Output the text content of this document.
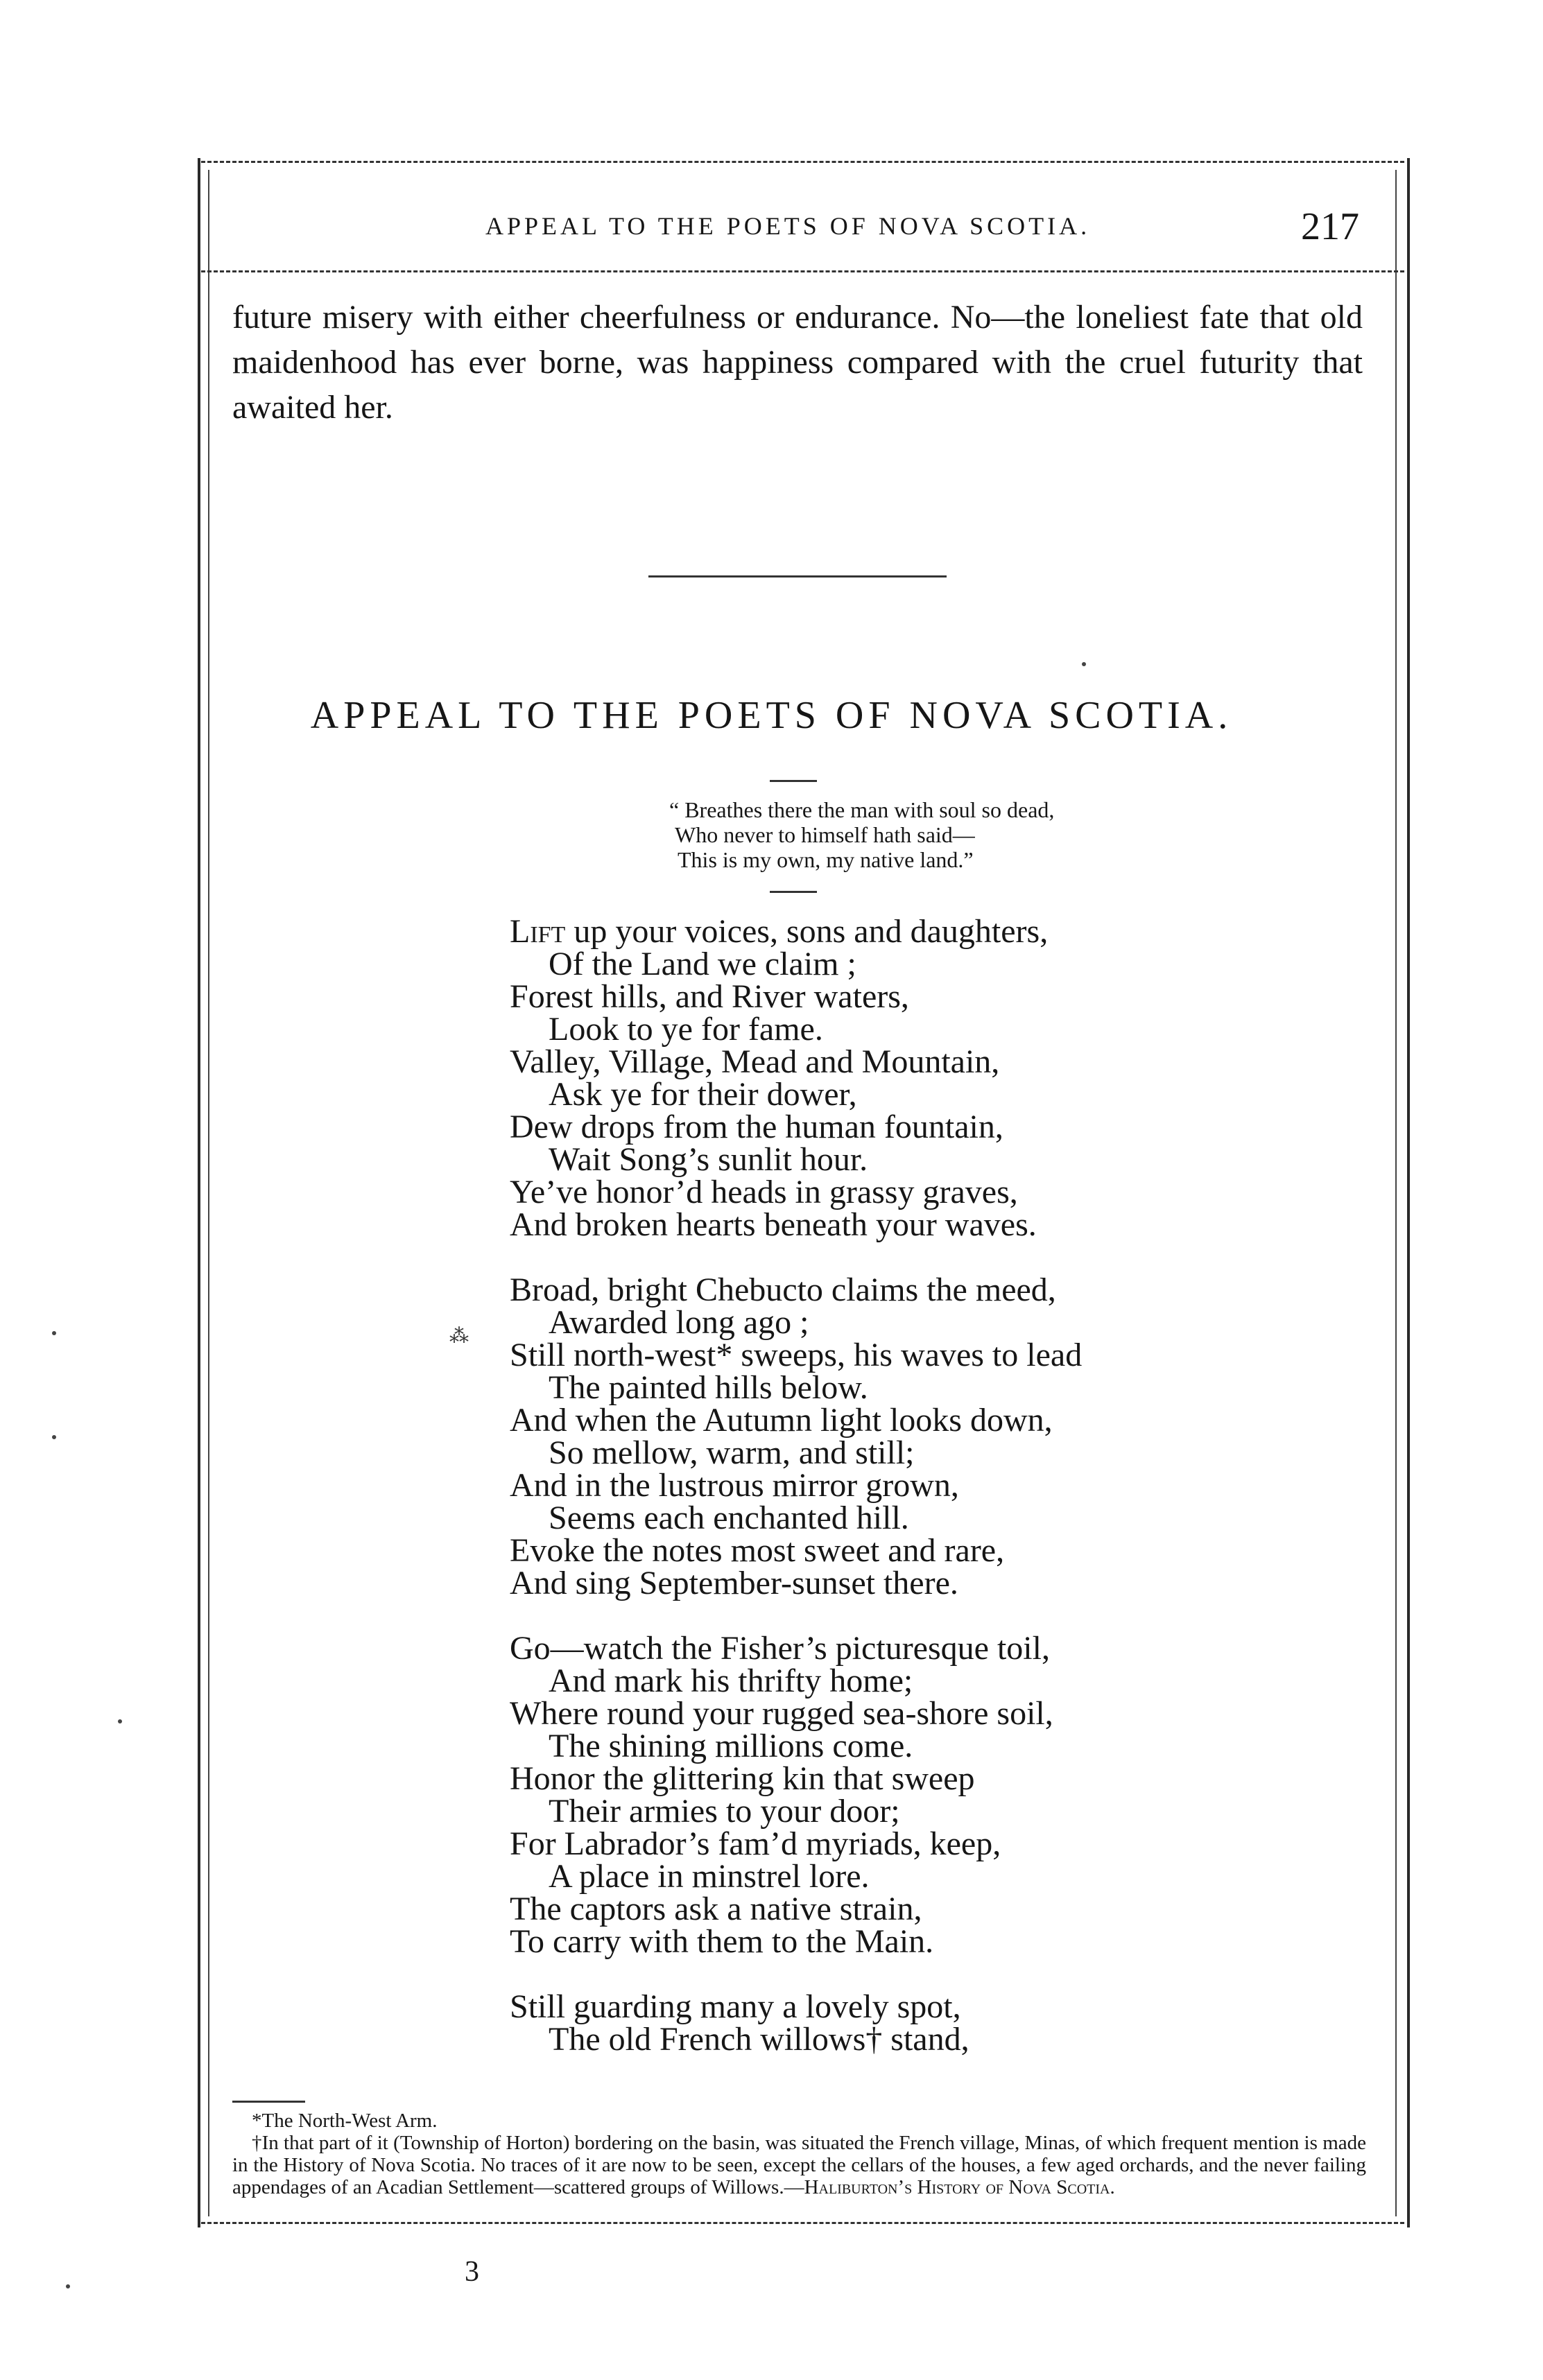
APPEAL TO THE POETS OF NOVA SCOTIA.	217

future misery with either cheerfulness or endurance. No—the loneliest fate that old maidenhood has ever borne, was happiness compared with the cruel futurity that awaited her.

APPEAL TO THE POETS OF NOVA SCOTIA.
“ Breathes there the man with soul so dead,
Who never to himself hath said—
This is my own, my native land.”
Lift up your voices, sons and daughters,
Of the Land we claim ;
Forest hills, and River waters,
Look to ye for fame.
Valley, Village, Mead and Mountain,
Ask ye for their dower,
Dew drops from the human fountain,
Wait Song’s sunlit hour.
Ye’ve honor’d heads in grassy graves,
And broken hearts beneath your waves.
Broad, bright Chebucto claims the meed,
Awarded long ago ;
Still north-west* sweeps, his waves to lead
The painted hills below.
And when the Autumn light looks down,
So mellow, warm, and still;
And in the lustrous mirror grown,
Seems each enchanted hill.
Evoke the notes most sweet and rare,
And sing September-sunset there.
Go—watch the Fisher’s picturesque toil,
And mark his thrifty home;
Where round your rugged sea-shore soil,
The shining millions come.
Honor the glittering kin that sweep
Their armies to your door;
For Labrador’s fam’d myriads, keep,
A place in minstrel lore.
The captors ask a native strain,
To carry with them to the Main.
Still guarding many a lovely spot,
The old French willows† stand,
*The North-West Arm.
†In that part of it (Township of Horton) bordering on the basin, was situated the French village, Minas, of which frequent mention is made in the History of Nova Scotia. No traces of it are now to be seen, except the cellars of the houses, a few aged orchards, and the never failing appendages of an Acadian Settlement—scattered groups of Willows.—Haliburton’s History of Nova Scotia.
3
⁂
